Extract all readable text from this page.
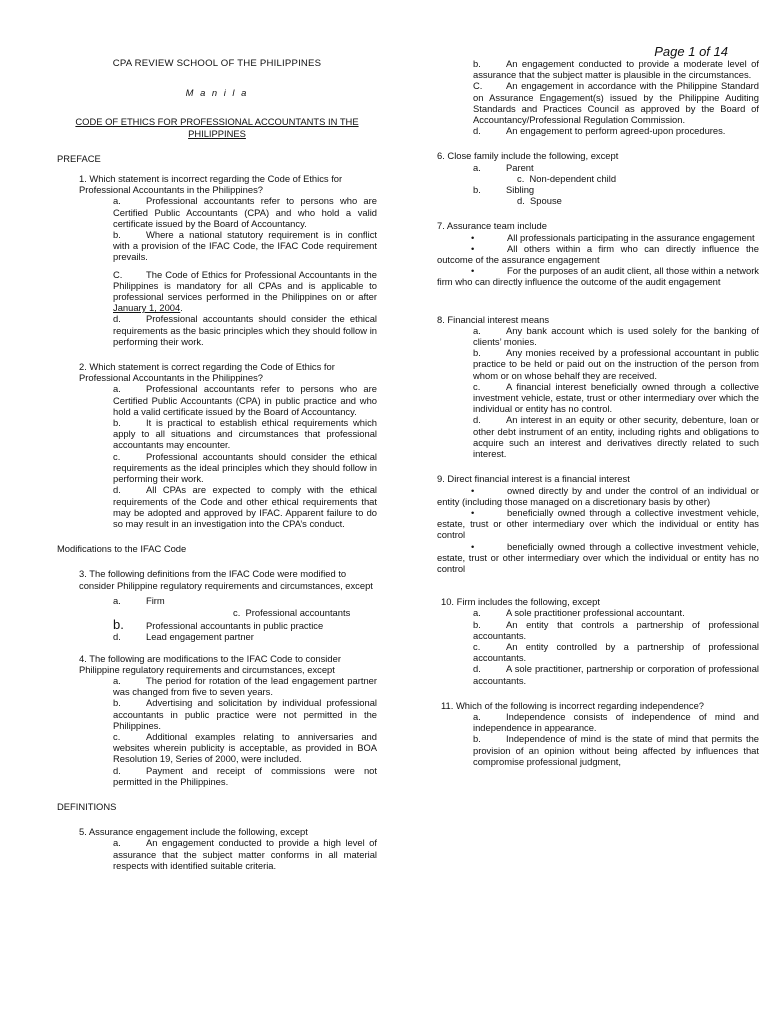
Page 1 of 14

CPA REVIEW SCHOOL OF THE PHILIPPINES

M a n i l a

CODE OF ETHICS FOR PROFESSIONAL ACCOUNTANTS IN THE PHILIPPINES

PREFACE

1. Which statement is incorrect regarding the Code of Ethics for Professional Accountants in the Philippines?

a.	Professional accountants refer to persons who are Certified Public Accountants (CPA) and who hold a valid certificate issued by the Board of Accountancy.

b.	Where a national statutory requirement is in conflict with a provision of the IFAC Code, the IFAC Code requirement prevails.

C.	The Code of Ethics for Professional Accountants in the Philippines is mandatory for all CPAs and is applicable to professional services performed in the Philippines on or after January 1, 2004.

d.	Professional accountants should consider the ethical requirements as the basic principles which they should follow in performing their work.

2. Which statement is correct regarding the Code of Ethics for Professional Accountants in the Philippines?

a.	Professional accountants refer to persons who are Certified Public Accountants (CPA) in public practice and who hold a valid certificate issued by the Board of Accountancy.

b.	It is practical to establish ethical requirements which apply to all situations and circumstances that professional accountants may encounter.

c.	Professional accountants should consider the ethical requirements as the ideal principles which they should follow in performing their work.

d.	All CPAs are expected to comply with the ethical requirements of the Code and other ethical requirements that may be adopted and approved by IFAC. Apparent failure to do so may result in an investigation into the CPA’s conduct.

Modifications to the IFAC Code

3. The following definitions from the IFAC Code were modified to consider Philippine regulatory requirements and circumstances, except

a.	Firm

c. Professional accountants

b. Professional accountants in public practice

d.	Lead engagement partner

4. The following are modifications to the IFAC Code to consider Philippine regulatory requirements and circumstances, except

a.	The period for rotation of the lead engagement partner was changed from five to seven years.

b.	Advertising and solicitation by individual professional accountants in public practice were not permitted in the Philippines.

c.	Additional examples relating to anniversaries and websites wherein publicity is acceptable, as provided in BOA Resolution 19, Series of 2000, were included.

d.	Payment and receipt of commissions were not permitted in the Philippines.

DEFINITIONS

5. Assurance engagement include the following, except

a.	An engagement conducted to provide a high level of assurance that the subject matter conforms in all material respects with identified suitable criteria.

b.	An engagement conducted to provide a moderate level of assurance that the subject matter is plausible in the circumstances.

C.	An engagement in accordance with the Philippine Standard on Assurance Engagement(s) issued by the Philippine Auditing Standards and Practices Council as approved by the Board of Accountancy/Professional Regulation Commission.

d.	An engagement to perform agreed-upon procedures.

6. Close family include the following, except

a.	Parent

c. Non-dependent child

b.	Sibling

d. Spouse

7. Assurance team include

•	All professionals participating in the assurance engagement

•	All others within a firm who can directly influence the outcome of the assurance engagement

•	For the purposes of an audit client, all those within a network firm who can directly influence the outcome of the audit engagement

8. Financial interest means

a.	Any bank account which is used solely for the banking of clients’ monies.

b.	Any monies received by a professional accountant in public practice to be held or paid out on the instruction of the person from whom or on whose behalf they are received.

c.	A financial interest beneficially owned through a collective investment vehicle, estate, trust or other intermediary over which the individual or entity has no control.

d.	An interest in an equity or other security, debenture, loan or other debt instrument of an entity, including rights and obligations to acquire such an interest and derivatives directly related to such interest.

9. Direct financial interest is a financial interest

•	owned directly by and under the control of an individual or entity (including those managed on a discretionary basis by other)

•	beneficially owned through a collective investment vehicle, estate, trust or other intermediary over which the individual or entity has control

•	beneficially owned through a collective investment vehicle, estate, trust or other intermediary over which the individual or entity has no control

10. Firm includes the following, except

a.	A sole practitioner professional accountant.

b.	An entity that controls a partnership of professional accountants.

c.	An entity controlled by a partnership of professional accountants.

d.	A sole practitioner, partnership or corporation of professional accountants.

11. Which of the following is incorrect regarding independence?

a.	Independence consists of independence of mind and independence in appearance.

b.	Independence of mind is the state of mind that permits the provision of an opinion without being affected by influences that compromise professional judgment,
